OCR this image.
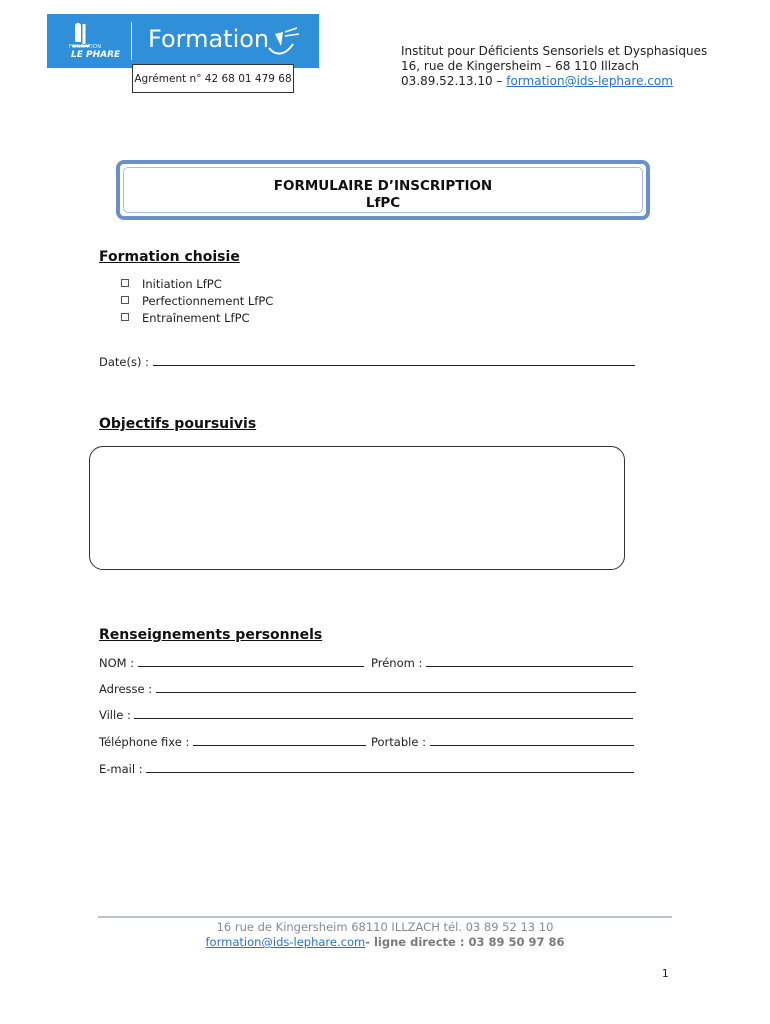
FONDATION
LE PHARE
Formation
Agrément n° 42 68 01 479 68
Institut pour Déficients Sensoriels et Dysphasiques
16, rue de Kingersheim – 68 110 Illzach
03.89.52.13.10 – formation@ids-lephare.com
FORMULAIRE D’INSCRIPTION
LfPC
Formation choisie
Initiation LfPC
Perfectionnement LfPC
Entraînement LfPC
Date(s) :
Objectifs poursuivis
Renseignements personnels
NOM :	Prénom :
Adresse :
Ville :
Téléphone fixe :	Portable :
E-mail :
16 rue de Kingersheim 68110 ILLZACH tél. 03 89 52 13 10
formation@ids-lephare.com- ligne directe : 03 89 50 97 86
1
